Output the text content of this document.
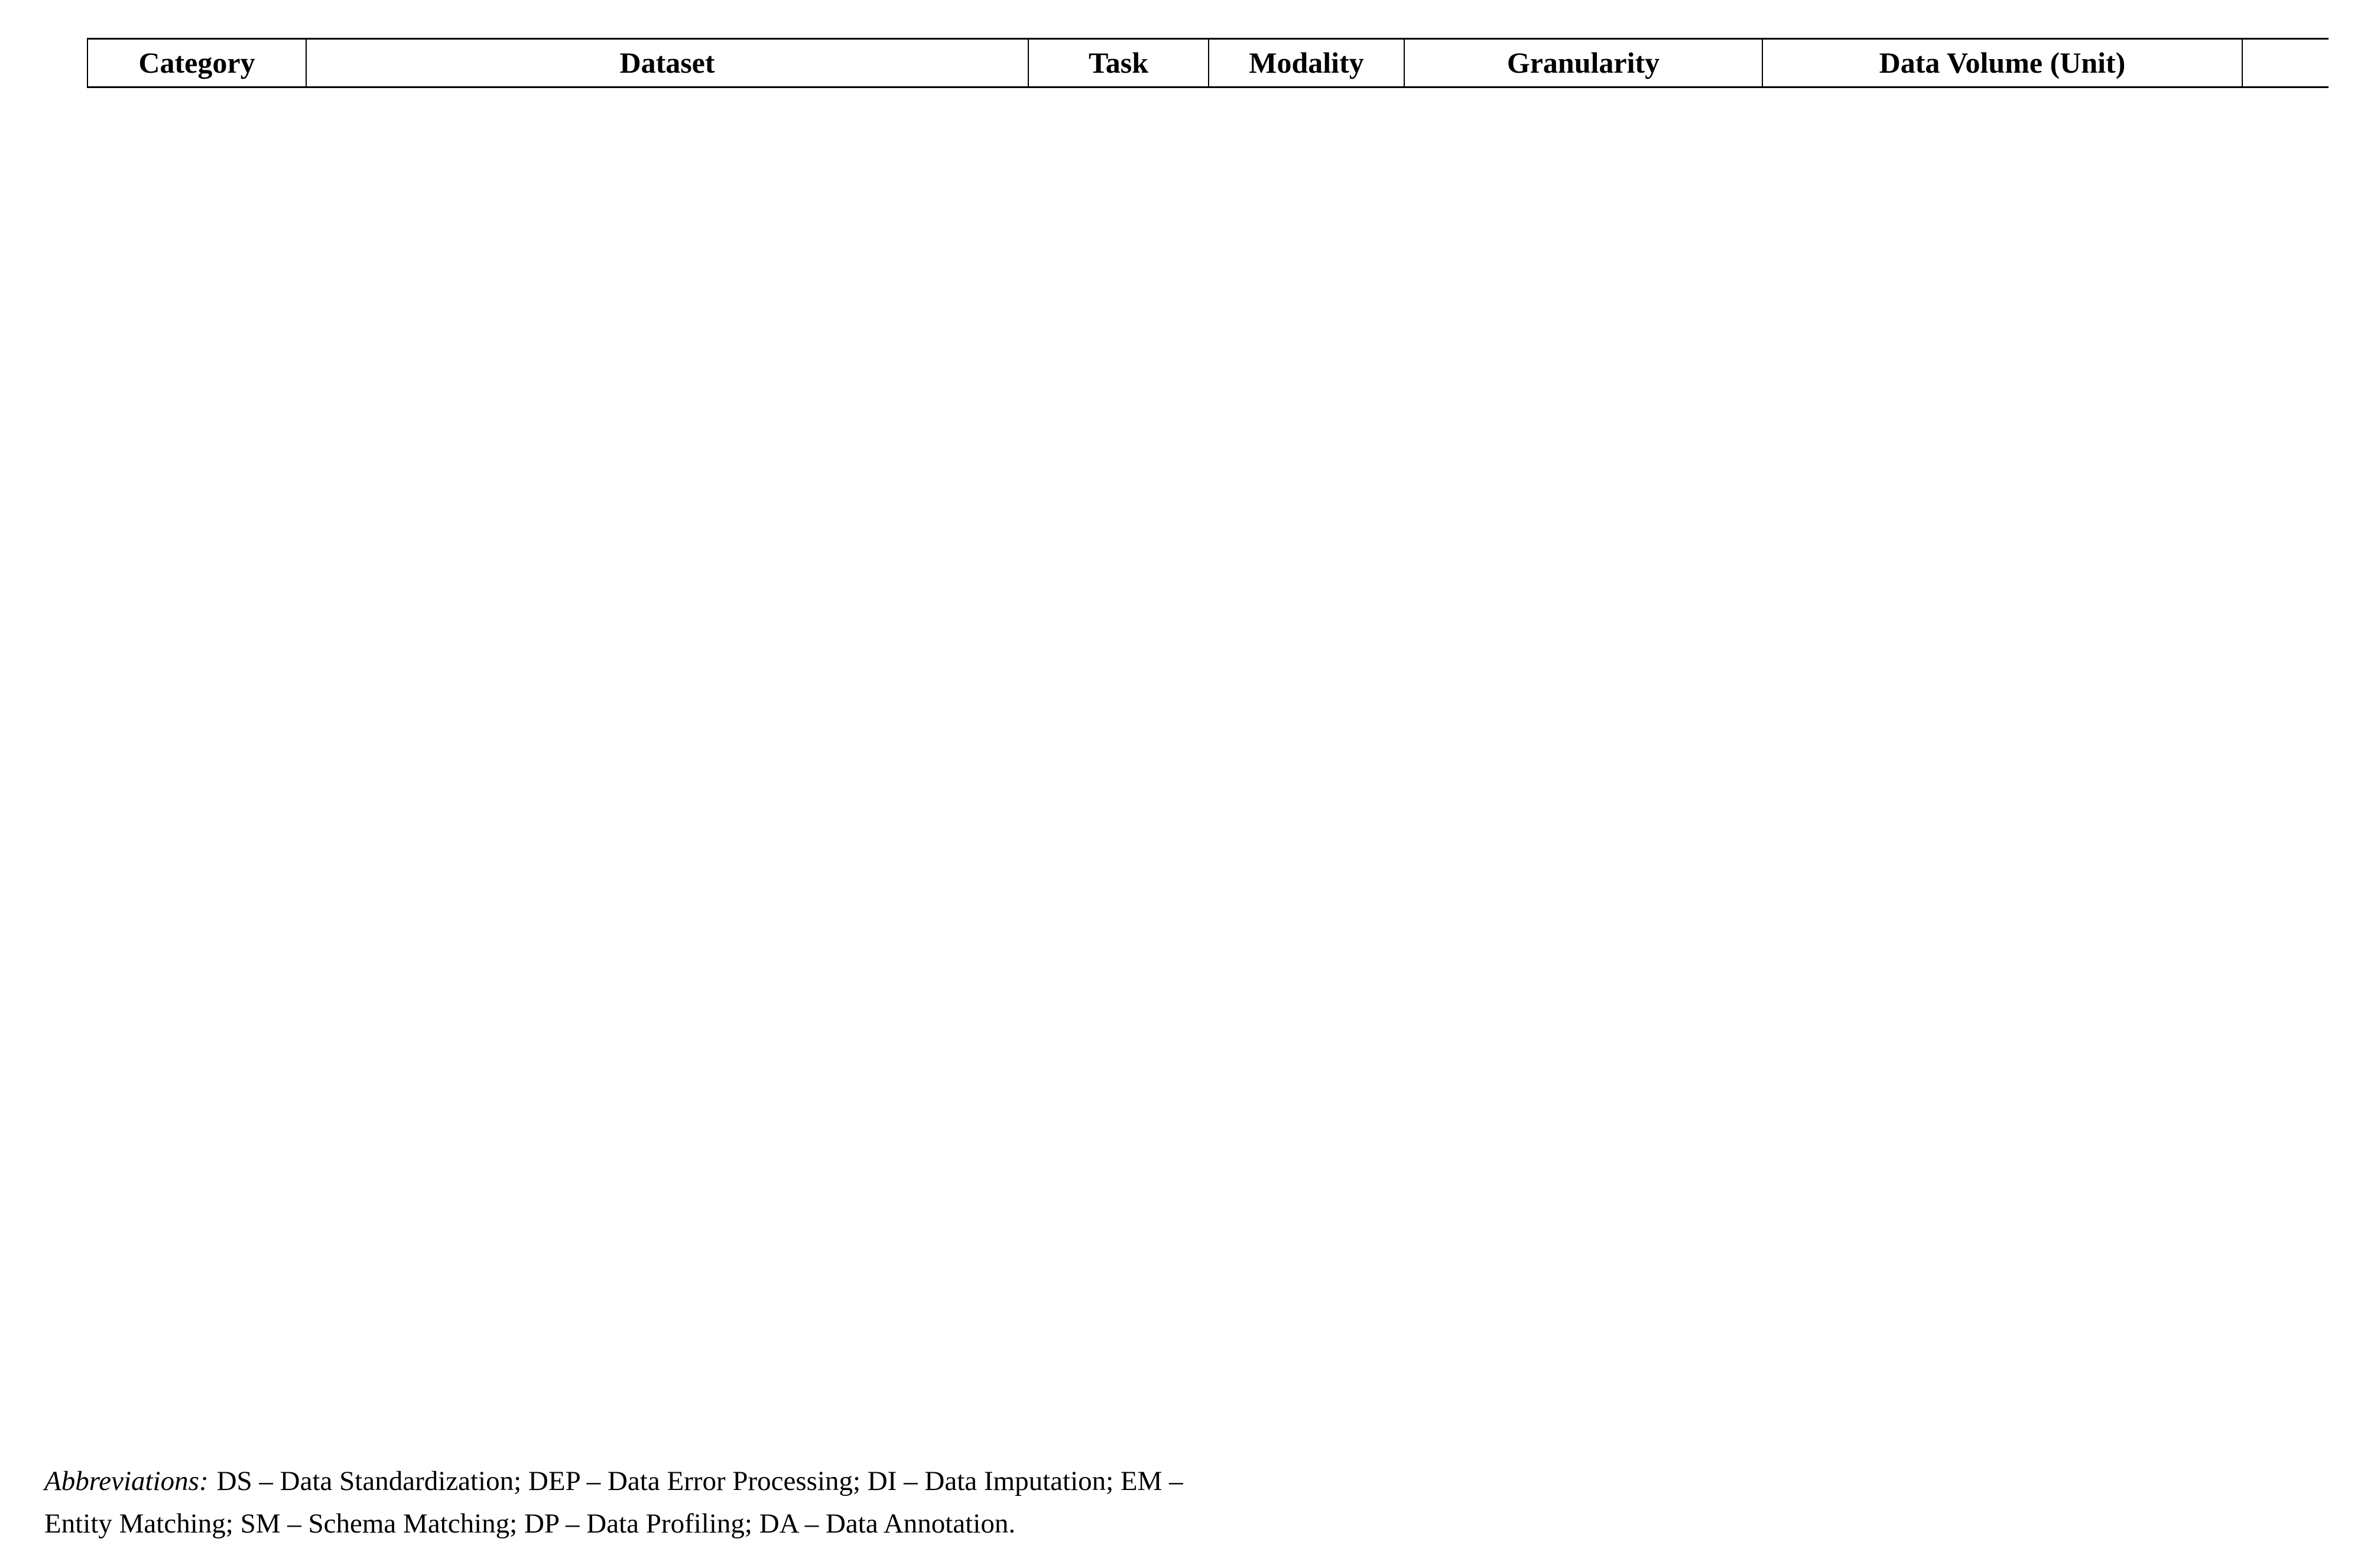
Category	Dataset	Task	Modality	Granularity	Data Volume (Unit)	
Abbreviations: DS – Data Standardization; DEP – Data Error Processing; DI – Data Imputation; EM –
Entity Matching; SM – Schema Matching; DP – Data Profiling; DA – Data Annotation.
